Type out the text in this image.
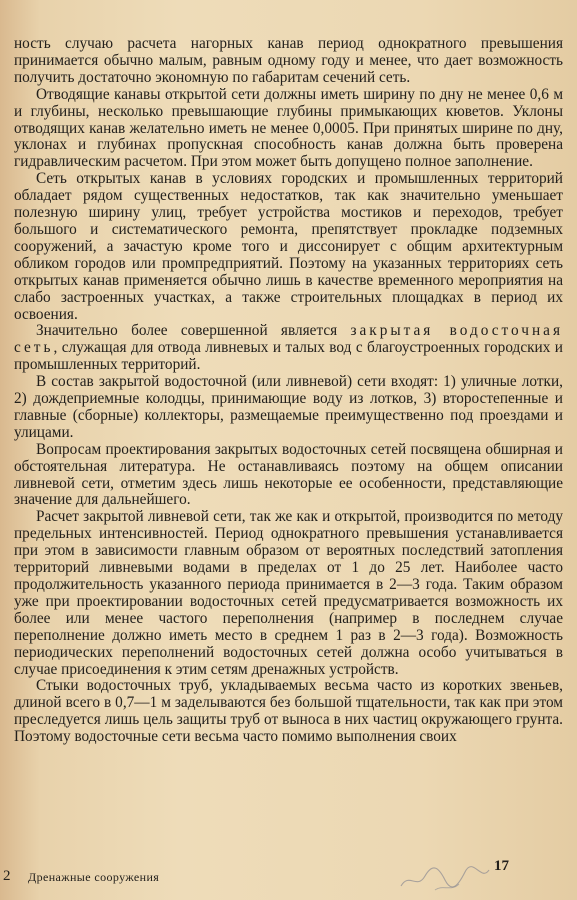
ность случаю расчета нагорных канав период однократного превышения принимается обычно малым, равным одному году и менее, что дает возможность получить достаточно экономную по габаритам сечений сеть.

Отводящие канавы открытой сети должны иметь ширину по дну не менее 0,6 м и глубины, несколько превышающие глубины примыкающих кюветов. Уклоны отводящих канав желательно иметь не менее 0,0005. При принятых ширине по дну, уклонах и глубинах пропускная способность канав должна быть проверена гидравлическим расчетом. При этом может быть допущено полное заполнение.

Сеть открытых канав в условиях городских и промышленных территорий обладает рядом существенных недостатков, так как значительно уменьшает полезную ширину улиц, требует устройства мостиков и переходов, требует большого и систематического ремонта, препятствует прокладке подземных сооружений, а зачастую кроме того и диссонирует с общим архитектурным обликом городов или промпредприятий. Поэтому на указанных территориях сеть открытых канав применяется обычно лишь в качестве временного мероприятия на слабо застроенных участках, а также строительных площадках в период их освоения.

Значительно более совершенной является закрытая водосточная сеть, служащая для отвода ливневых и талых вод с благоустроенных городских и промышленных территорий.

В состав закрытой водосточной (или ливневой) сети входят: 1) уличные лотки, 2) дождеприемные колодцы, принимающие воду из лотков, 3) второстепенные и главные (сборные) коллекторы, размещаемые преимущественно под проездами и улицами.

Вопросам проектирования закрытых водосточных сетей посвящена обширная и обстоятельная литература. Не останавливаясь поэтому на общем описании ливневой сети, отметим здесь лишь некоторые ее особенности, представляющие значение для дальнейшего.

Расчет закрытой ливневой сети, так же как и открытой, производится по методу предельных интенсивностей. Период однократного превышения устанавливается при этом в зависимости главным образом от вероятных последствий затопления территорий ливневыми водами в пределах от 1 до 25 лет. Наиболее часто продолжительность указанного периода принимается в 2—3 года. Таким образом уже при проектировании водосточных сетей предусматривается возможность их более или менее частого переполнения (например в последнем случае переполнение должно иметь место в среднем 1 раз в 2—3 года). Возможность периодических переполнений водосточных сетей должна особо учитываться в случае присоединения к этим сетям дренажных устройств.

Стыки водосточных труб, укладываемых весьма часто из коротких звеньев, длиной всего в 0,7—1 м заделываются без большой тщательности, так как при этом преследуется лишь цель защиты труб от выноса в них частиц окружающего грунта. Поэтому водосточные сети весьма часто помимо выполнения своих

2 Дренажные сооружения
17
